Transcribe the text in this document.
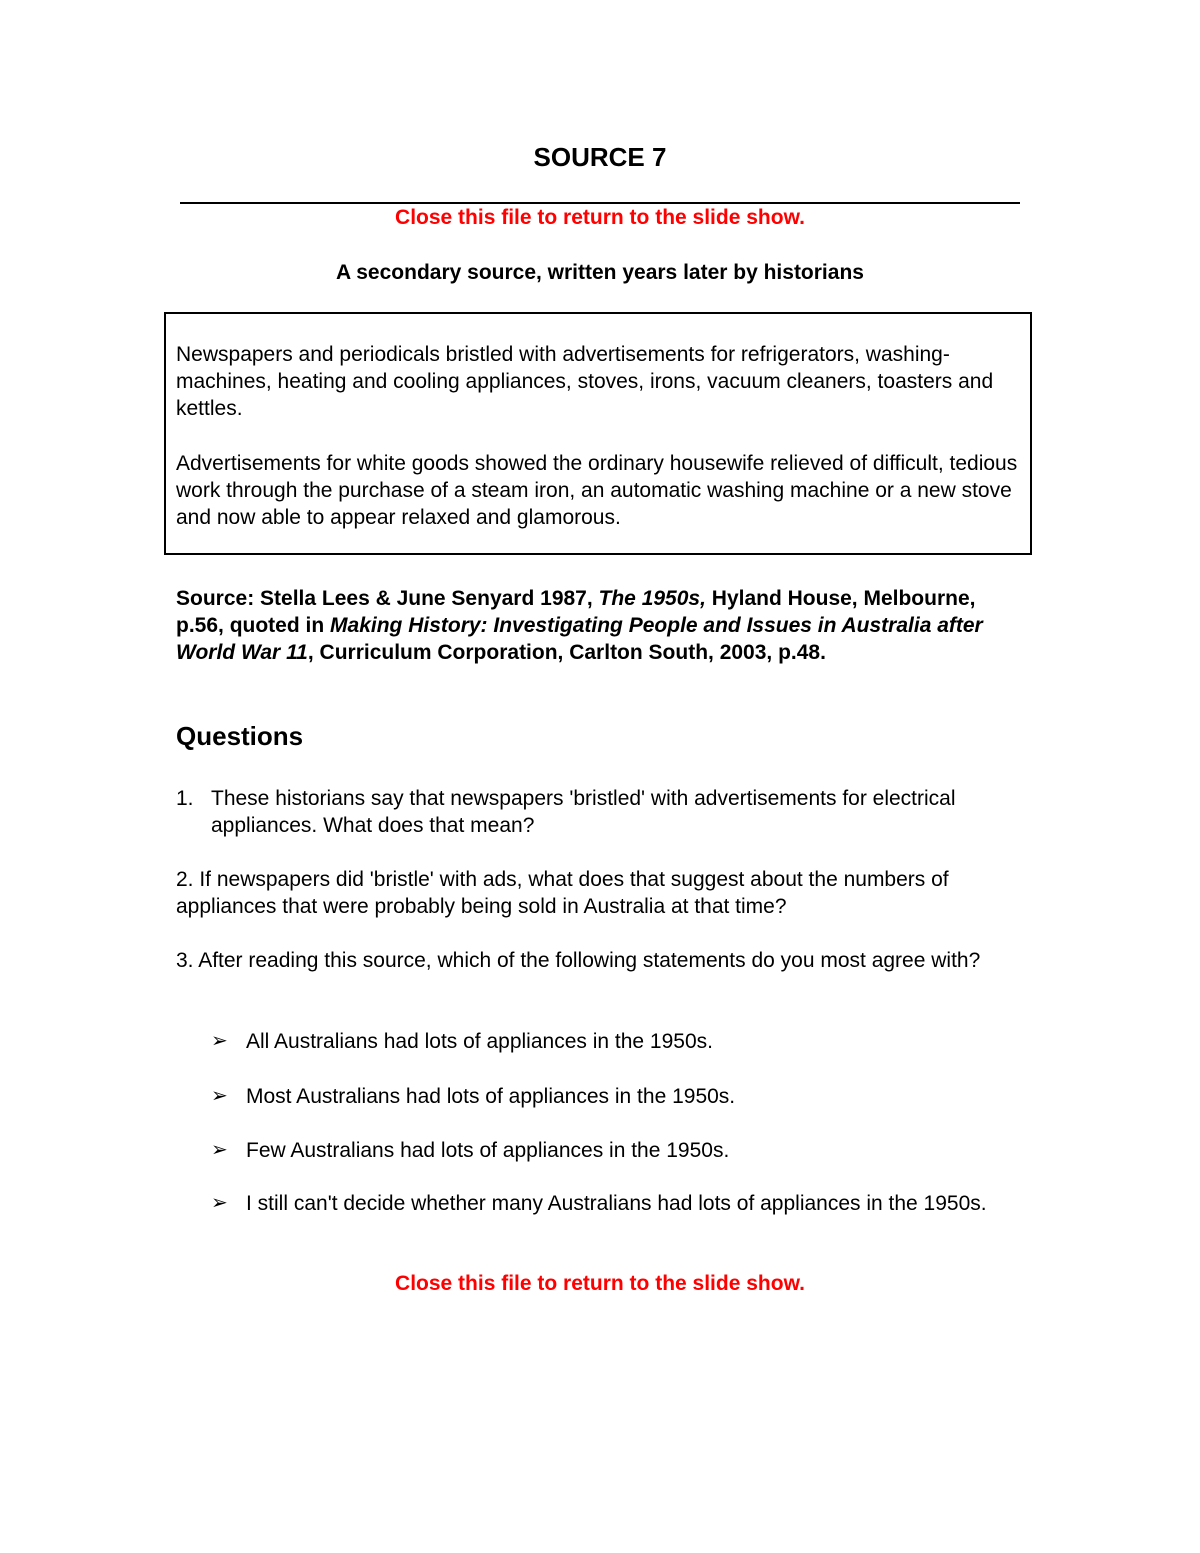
SOURCE 7
Close this file to return to the slide show.
A secondary source, written years later by historians

Newspapers and periodicals bristled with advertisements for refrigerators, washing-machines, heating and cooling appliances, stoves, irons, vacuum cleaners, toasters and kettles.

Advertisements for white goods showed the ordinary housewife relieved of difficult, tedious work through the purchase of a steam iron, an automatic washing machine or a new stove and now able to appear relaxed and glamorous.

Source: Stella Lees & June Senyard 1987, The 1950s, Hyland House, Melbourne, p.56, quoted in Making History: Investigating People and Issues in Australia after World War 11, Curriculum Corporation, Carlton South, 2003, p.48.
Questions
1. These historians say that newspapers 'bristled' with advertisements for electrical appliances. What does that mean?
2. If newspapers did 'bristle' with ads, what does that suggest about the numbers of appliances that were probably being sold in Australia at that time?
3. After reading this source, which of the following statements do you most agree with?
➢ All Australians had lots of appliances in the 1950s.
➢ Most Australians had lots of appliances in the 1950s.
➢ Few Australians had lots of appliances in the 1950s.
➢ I still can't decide whether many Australians had lots of appliances in the 1950s.
Close this file to return to the slide show.
